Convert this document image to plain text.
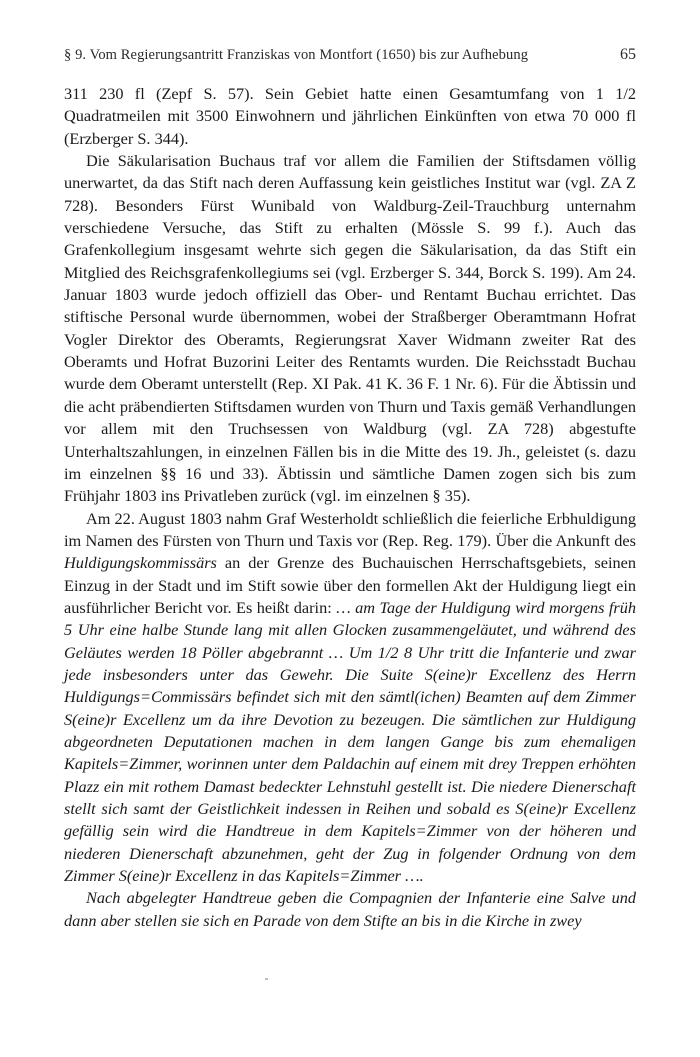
§ 9. Vom Regierungsantritt Franziskas von Montfort (1650) bis zur Aufhebung	65

311 230 fl (Zepf S. 57). Sein Gebiet hatte einen Gesamtumfang von 1 1/2 Quadratmeilen mit 3500 Einwohnern und jährlichen Einkünften von etwa 70 000 fl (Erzberger S. 344).

Die Säkularisation Buchaus traf vor allem die Familien der Stiftsdamen völlig unerwartet, da das Stift nach deren Auffassung kein geistliches Institut war (vgl. ZA Z 728). Besonders Fürst Wunibald von Waldburg-Zeil-Trauchburg unternahm verschiedene Versuche, das Stift zu erhalten (Mössle S. 99 f.). Auch das Grafenkollegium insgesamt wehrte sich gegen die Säkularisation, da das Stift ein Mitglied des Reichsgrafenkollegiums sei (vgl. Erzberger S. 344, Borck S. 199). Am 24. Januar 1803 wurde jedoch offiziell das Ober- und Rentamt Buchau errichtet. Das stiftische Personal wurde übernommen, wobei der Straßberger Oberamtmann Hofrat Vogler Direktor des Oberamts, Regierungsrat Xaver Widmann zweiter Rat des Oberamts und Hofrat Buzorini Leiter des Rentamts wurden. Die Reichsstadt Buchau wurde dem Oberamt unterstellt (Rep. XI Pak. 41 K. 36 F. 1 Nr. 6). Für die Äbtissin und die acht präbendierten Stiftsdamen wurden von Thurn und Taxis gemäß Verhandlungen vor allem mit den Truchsessen von Waldburg (vgl. ZA 728) abgestufte Unterhaltszahlungen, in einzelnen Fällen bis in die Mitte des 19. Jh., geleistet (s. dazu im einzelnen §§ 16 und 33). Äbtissin und sämtliche Damen zogen sich bis zum Frühjahr 1803 ins Privatleben zurück (vgl. im einzelnen § 35).

Am 22. August 1803 nahm Graf Westerholdt schließlich die feierliche Erbhuldigung im Namen des Fürsten von Thurn und Taxis vor (Rep. Reg. 179). Über die Ankunft des Huldigungskommissärs an der Grenze des Buchauischen Herrschaftsgebiets, seinen Einzug in der Stadt und im Stift sowie über den formellen Akt der Huldigung liegt ein ausführlicher Bericht vor. Es heißt darin: … am Tage der Huldigung wird morgens früh 5 Uhr eine halbe Stunde lang mit allen Glocken zusammengeläutet, und während des Geläutes werden 18 Pöller abgebrannt … Um 1/2 8 Uhr tritt die Infanterie und zwar jede insbesonders unter das Gewehr. Die Suite S(eine)r Excellenz des Herrn Huldigungs=Commissärs befindet sich mit den sämtl(ichen) Beamten auf dem Zimmer S(eine)r Excellenz um da ihre Devotion zu bezeugen. Die sämtlichen zur Huldigung abgeordneten Deputationen machen in dem langen Gange bis zum ehemaligen Kapitels=Zimmer, worinnen unter dem Paldachin auf einem mit drey Treppen erhöhten Plazz ein mit rothem Damast bedeckter Lehnstuhl gestellt ist. Die niedere Dienerschaft stellt sich samt der Geistlichkeit indessen in Reihen und sobald es S(eine)r Excellenz gefällig sein wird die Handtreue in dem Kapitels=Zimmer von der höheren und niederen Dienerschaft abzunehmen, geht der Zug in folgender Ordnung von dem Zimmer S(eine)r Excellenz in das Kapitels=Zimmer ….

Nach abgelegter Handtreue geben die Compagnien der Infanterie eine Salve und dann aber stellen sie sich en Parade von dem Stifte an bis in die Kirche in zwey
